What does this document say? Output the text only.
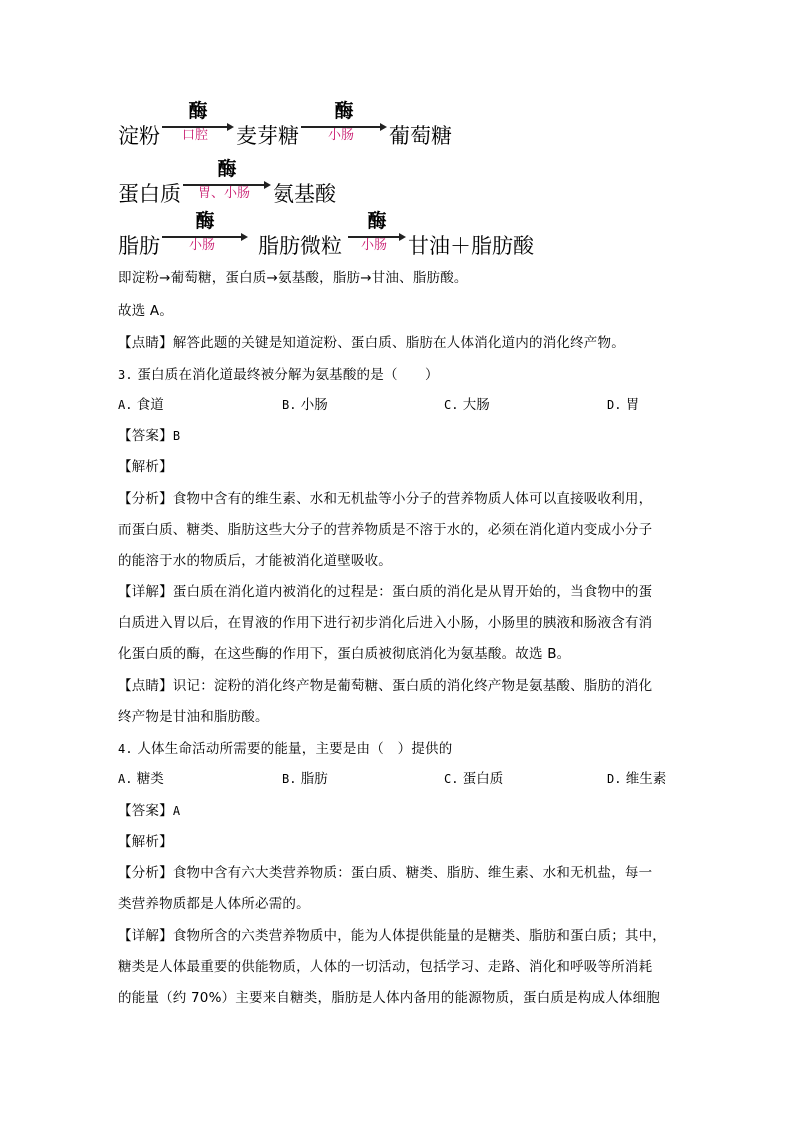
淀粉
酶
口腔	麦芽糖
酶
小肠	葡萄糖
蛋白质
酶
胃、小肠	氨基酸
脂肪
酶
小肠	脂肪微粒
酶
小肠	甘油＋脂肪酸
即淀粉→葡萄糖，蛋白质→氨基酸，脂肪→甘油、脂肪酸。
故选 A。
【点睛】解答此题的关键是知道淀粉、蛋白质、脂肪在人体消化道内的消化终产物。
3. 蛋白质在消化道最终被分解为氨基酸的是（　　）
A. 食道	B. 小肠	C. 大肠	D. 胃
【答案】B
【解析】
【分析】食物中含有的维生素、水和无机盐等小分子的营养物质人体可以直接吸收利用，
而蛋白质、糖类、脂肪这些大分子的营养物质是不溶于水的，必须在消化道内变成小分子
的能溶于水的物质后，才能被消化道壁吸收。
【详解】蛋白质在消化道内被消化的过程是：蛋白质的消化是从胃开始的，当食物中的蛋
白质进入胃以后，在胃液的作用下进行初步消化后进入小肠，小肠里的胰液和肠液含有消
化蛋白质的酶，在这些酶的作用下，蛋白质被彻底消化为氨基酸。故选 B。
【点睛】识记：淀粉的消化终产物是葡萄糖、蛋白质的消化终产物是氨基酸、脂肪的消化
终产物是甘油和脂肪酸。
4. 人体生命活动所需要的能量，主要是由（　）提供的
A. 糖类	B. 脂肪	C. 蛋白质	D. 维生素
【答案】A
【解析】
【分析】食物中含有六大类营养物质：蛋白质、糖类、脂肪、维生素、水和无机盐，每一
类营养物质都是人体所必需的。
【详解】食物所含的六类营养物质中，能为人体提供能量的是糖类、脂肪和蛋白质；其中，
糖类是人体最重要的供能物质，人体的一切活动，包括学习、走路、消化和呼吸等所消耗
的能量（约 70%）主要来自糖类，脂肪是人体内备用的能源物质，蛋白质是构成人体细胞
